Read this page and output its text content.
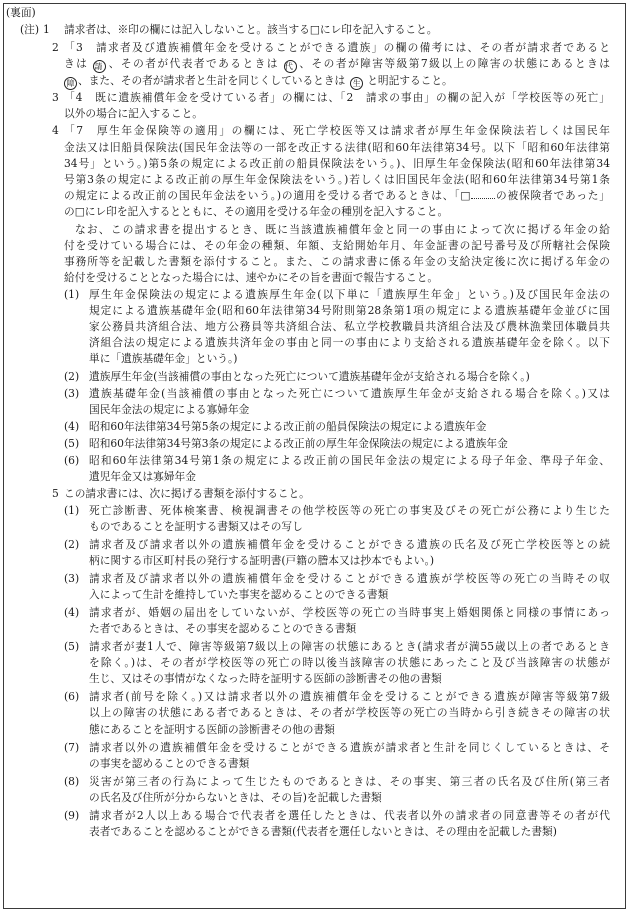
(裏面)
(注) 1 請求者は、※印の欄には記入しないこと。該当する□にレ印を記入すること。
2 「3　請求者及び遺族補償年金を受けることができる遺族」の欄の備考には、その者が請求者であると
きは 請 、その者が代表者であるときは 代 、その者が障害等級第7級以上の障害の状態にあるときは
障 、また、その者が請求者と生計を同じくしているときは 生 と明記すること。
3 「4　既に遺族補償年金を受けている者」の欄には、「2　請求の事由」の欄の記入が「学校医等の死亡」
以外の場合に記入すること。
4 「7　厚生年金保険等の適用」の欄には、死亡学校医等又は請求者が厚生年金保険法若しくは国民年
金法又は旧船員保険法(国民年金法等の一部を改正する法律(昭和60年法律第34号。以下「昭和60年法律第
34号」という。)第5条の規定による改正前の船員保険法をいう。)、旧厚生年金保険法(昭和60年法律第34
号第3条の規定による改正前の厚生年金保険法をいう。)若しくは旧国民年金法(昭和60年法律第34号第1条
の規定による改正前の国民年金法をいう。)の適用を受ける者であるときは、「□ の被保険者であった」
の□にレ印を記入するとともに、その適用を受ける年金の種別を記入すること。
なお、この請求書を提出するとき、既に当該遺族補償年金と同一の事由によって次に掲げる年金の給
付を受けている場合には、その年金の種類、年額、支給開始年月、年金証書の記号番号及び所轄社会保険
事務所等を記載した書類を添付すること。また、この請求書に係る年金の支給決定後に次に掲げる年金の
給付を受けることとなった場合には、速やかにその旨を書面で報告すること。
(1) 厚生年金保険法の規定による遺族厚生年金(以下単に「遺族厚生年金」という。)及び国民年金法の
規定による遺族基礎年金(昭和60年法律第34号附則第28条第1項の規定による遺族基礎年金並びに国
家公務員共済組合法、地方公務員等共済組合法、私立学校教職員共済組合法及び農林漁業団体職員共
済組合法の規定による遺族共済年金の事由と同一の事由により支給される遺族基礎年金を除く。以下
単に「遺族基礎年金」という。)
(2) 遺族厚生年金(当該補償の事由となった死亡について遺族基礎年金が支給される場合を除く。)
(3) 遺族基礎年金(当該補償の事由となった死亡について遺族厚生年金が支給される場合を除く。)又は
国民年金法の規定による寡婦年金
(4) 昭和60年法律第34号第5条の規定による改正前の船員保険法の規定による遺族年金
(5) 昭和60年法律第34号第3条の規定による改正前の厚生年金保険法の規定による遺族年金
(6) 昭和60年法律第34号第1条の規定による改正前の国民年金法の規定による母子年金、準母子年金、
遺児年金又は寡婦年金
5 この請求書には、次に掲げる書類を添付すること。
(1) 死亡診断書、死体検案書、検視調書その他学校医等の死亡の事実及びその死亡が公務により生じた
ものであることを証明する書類又はその写し
(2) 請求者及び請求者以外の遺族補償年金を受けることができる遺族の氏名及び死亡学校医等との続
柄に関する市区町村長の発行する証明書(戸籍の謄本又は抄本でもよい。)
(3) 請求者及び請求者以外の遺族補償年金を受けることができる遺族が学校医等の死亡の当時その収
入によって生計を維持していた事実を認めることのできる書類
(4) 請求者が、婚姻の届出をしていないが、学校医等の死亡の当時事実上婚姻関係と同様の事情にあっ
た者であるときは、その事実を認めることのできる書類
(5) 請求者が妻1人で、障害等級第7級以上の障害の状態にあるとき(請求者が満55歳以上の者であるとき
を除く。)は、その者が学校医等の死亡の時以後当該障害の状態にあったこと及び当該障害の状態が
生じ、又はその事情がなくなった時を証明する医師の診断書その他の書類
(6) 請求者(前号を除く。)又は請求者以外の遺族補償年金を受けることができる遺族が障害等級第7級
以上の障害の状態にある者であるときは、その者が学校医等の死亡の当時から引き続きその障害の状
態にあることを証明する医師の診断書その他の書類
(7) 請求者以外の遺族補償年金を受けることができる遺族が請求者と生計を同じくしているときは、そ
の事実を認めることのできる書類
(8) 災害が第三者の行為によって生じたものであるときは、その事実、第三者の氏名及び住所(第三者
の氏名及び住所が分からないときは、その旨)を記載した書類
(9) 請求者が2人以上ある場合で代表者を選任したときは、代表者以外の請求者の同意書等その者が代
表者であることを認めることができる書類(代表者を選任しないときは、その理由を記載した書類)
